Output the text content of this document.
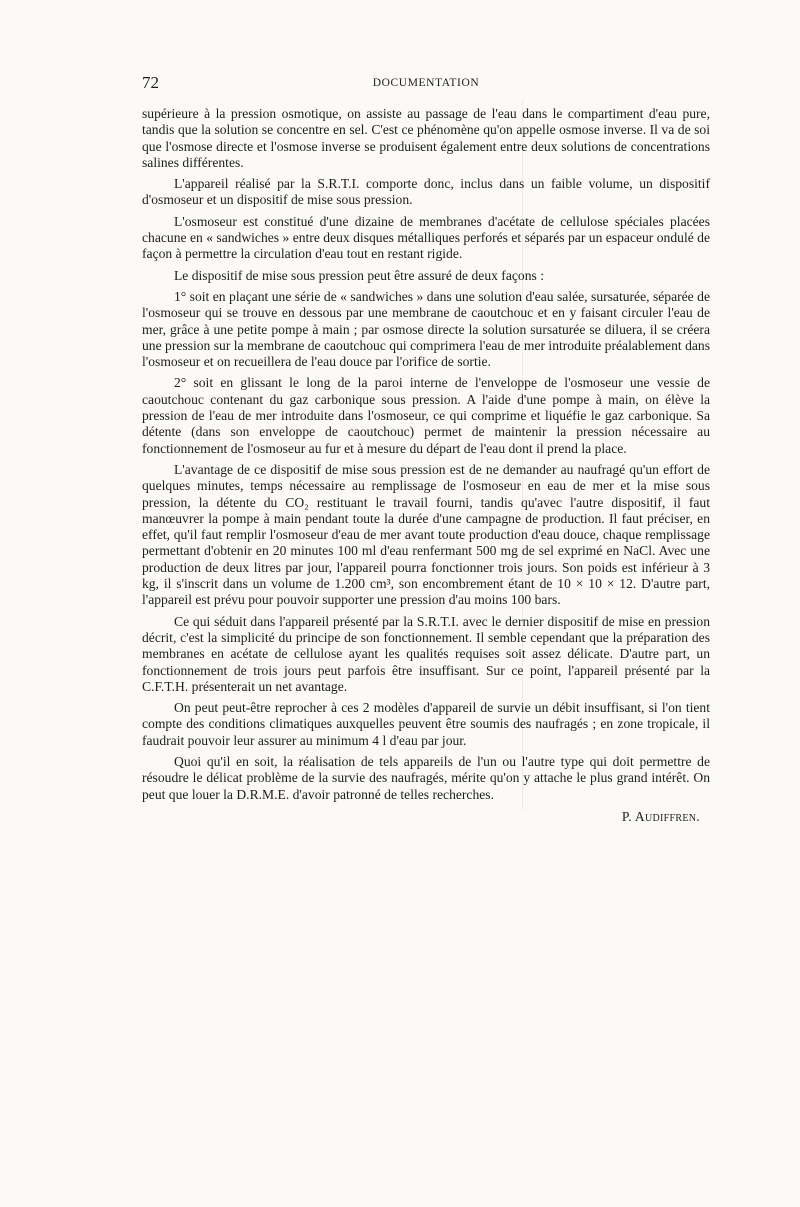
72	DOCUMENTATION

supérieure à la pression osmotique, on assiste au passage de l'eau dans le compartiment d'eau pure, tandis que la solution se concentre en sel. C'est ce phénomène qu'on appelle osmose inverse. Il va de soi que l'osmose directe et l'osmose inverse se produisent également entre deux solutions de concentrations salines différentes.

L'appareil réalisé par la S.R.T.I. comporte donc, inclus dans un faible volume, un dispositif d'osmoseur et un dispositif de mise sous pression.

L'osmoseur est constitué d'une dizaine de membranes d'acétate de cellulose spéciales placées chacune en « sandwiches » entre deux disques métalliques perforés et séparés par un espaceur ondulé de façon à permettre la circulation d'eau tout en restant rigide.

Le dispositif de mise sous pression peut être assuré de deux façons :

1° soit en plaçant une série de « sandwiches » dans une solution d'eau salée, sursaturée, séparée de l'osmoseur qui se trouve en dessous par une membrane de caoutchouc et en y faisant circuler l'eau de mer, grâce à une petite pompe à main ; par osmose directe la solution sursaturée se diluera, il se créera une pression sur la membrane de caoutchouc qui comprimera l'eau de mer introduite préalablement dans l'osmoseur et on recueillera de l'eau douce par l'orifice de sortie.

2° soit en glissant le long de la paroi interne de l'enveloppe de l'osmoseur une vessie de caoutchouc contenant du gaz carbonique sous pression. A l'aide d'une pompe à main, on élève la pression de l'eau de mer introduite dans l'osmoseur, ce qui comprime et liquéfie le gaz carbonique. Sa détente (dans son enveloppe de caoutchouc) permet de maintenir la pression nécessaire au fonctionnement de l'osmoseur au fur et à mesure du départ de l'eau dont il prend la place.

L'avantage de ce dispositif de mise sous pression est de ne demander au naufragé qu'un effort de quelques minutes, temps nécessaire au remplissage de l'osmoseur en eau de mer et la mise sous pression, la détente du CO₂ restituant le travail fourni, tandis qu'avec l'autre dispositif, il faut manœuvrer la pompe à main pendant toute la durée d'une campagne de production. Il faut préciser, en effet, qu'il faut remplir l'osmoseur d'eau de mer avant toute production d'eau douce, chaque remplissage permettant d'obtenir en 20 minutes 100 ml d'eau renfermant 500 mg de sel exprimé en NaCl. Avec une production de deux litres par jour, l'appareil pourra fonctionner trois jours. Son poids est inférieur à 3 kg, il s'inscrit dans un volume de 1.200 cm³, son encombrement étant de 10 × 10 × 12. D'autre part, l'appareil est prévu pour pouvoir supporter une pression d'au moins 100 bars.

Ce qui séduit dans l'appareil présenté par la S.R.T.I. avec le dernier dispositif de mise en pression décrit, c'est la simplicité du principe de son fonctionnement. Il semble cependant que la préparation des membranes en acétate de cellulose ayant les qualités requises soit assez délicate. D'autre part, un fonctionnement de trois jours peut parfois être insuffisant. Sur ce point, l'appareil présenté par la C.F.T.H. présenterait un net avantage.

On peut peut-être reprocher à ces 2 modèles d'appareil de survie un débit insuffisant, si l'on tient compte des conditions climatiques auxquelles peuvent être soumis des naufragés ; en zone tropicale, il faudrait pouvoir leur assurer au minimum 4 l d'eau par jour.

Quoi qu'il en soit, la réalisation de tels appareils de l'un ou l'autre type qui doit permettre de résoudre le délicat problème de la survie des naufragés, mérite qu'on y attache le plus grand intérêt. On peut que louer la D.R.M.E. d'avoir patronné de telles recherches.

P. Audiffren.
